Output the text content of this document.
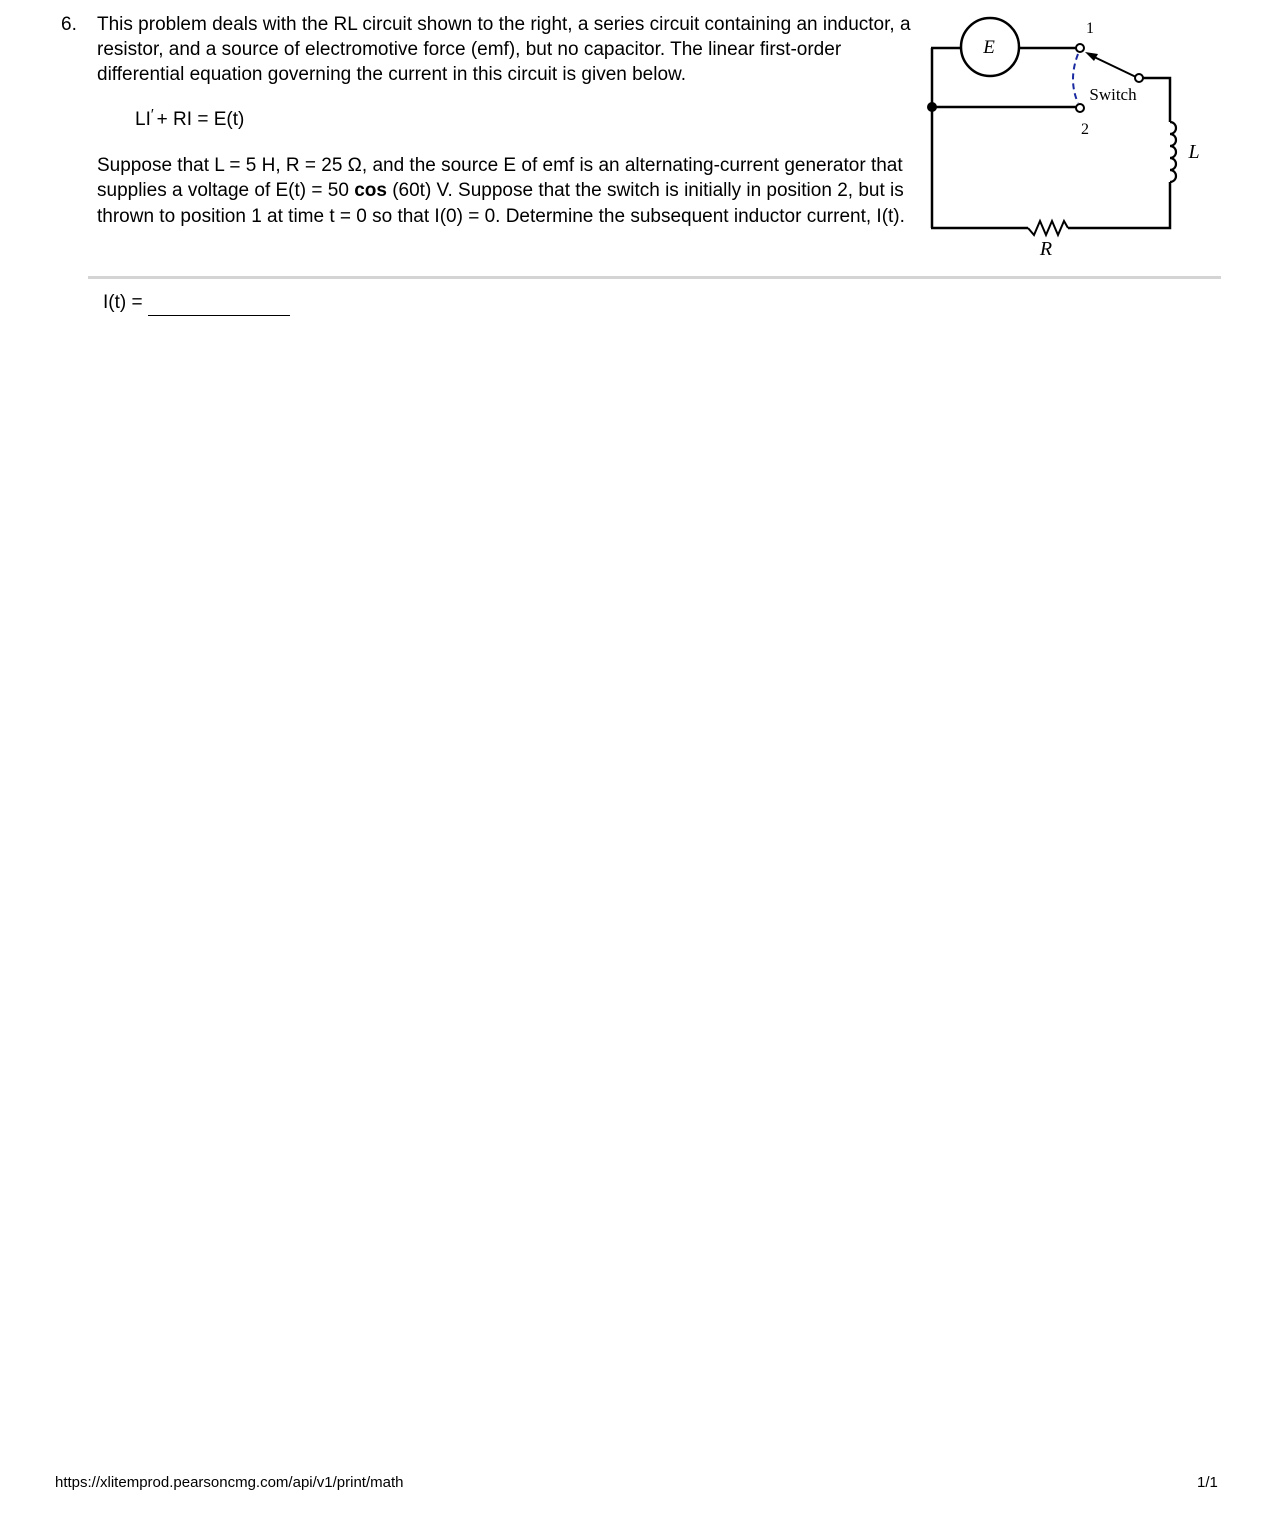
6. This problem deals with the RL circuit shown to the right, a series circuit containing an inductor, a resistor, and a source of electromotive force (emf), but no capacitor. The linear first-order differential equation governing the current in this circuit is given below.

LI′ + RI = E(t)
Suppose that L = 5 H, R = 25 Ω, and the source E of emf is an alternating-current generator that supplies a voltage of E(t) = 50 cos (60t) V. Suppose that the switch is initially in position 2, but is thrown to position 1 at time t = 0 so that I(0) = 0. Determine the subsequent inductor current, I(t).
E
1
2
Switch
L
R
I(t) =
https://xlitemprod.pearsoncmg.com/api/v1/print/math	1/1
